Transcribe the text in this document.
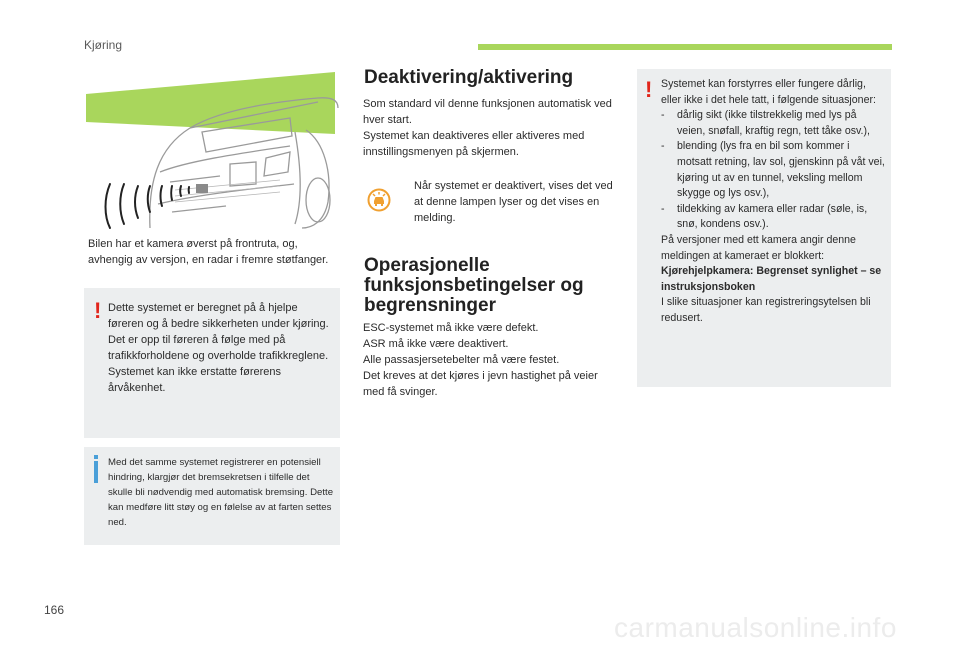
Kjøring

Bilen har et kamera øverst på frontruta, og, avhengig av versjon, en radar i fremre støtfanger.

! Dette systemet er beregnet på å hjelpe føreren og å bedre sikkerheten under kjøring.

Det er opp til føreren å følge med på trafikkforholdene og overholde trafikkreglene.

Systemet kan ikke erstatte førerens årvåkenhet.

Med det samme systemet registrerer en potensiell hindring, klargjør det bremsekretsen i tilfelle det skulle bli nødvendig med automatisk bremsing. Dette kan medføre litt støy og en følelse av at farten settes ned.

Deaktivering/aktivering

Som standard vil denne funksjonen automatisk ved hver start.

Systemet kan deaktiveres eller aktiveres med innstillingsmenyen på skjermen.

Når systemet er deaktivert, vises det ved at denne lampen lyser og det vises en melding.

Operasjonelle funksjonsbetingelser og begrensninger

ESC-systemet må ikke være defekt.

ASR må ikke være deaktivert.

Alle passasjersetebelter må være festet.

Det kreves at det kjøres i jevn hastighet på veier med få svinger.

! Systemet kan forstyrres eller fungere dårlig, eller ikke i det hele tatt, i følgende situasjoner:

- dårlig sikt (ikke tilstrekkelig med lys på veien, snøfall, kraftig regn, tett tåke osv.),
- blending (lys fra en bil som kommer i motsatt retning, lav sol, gjenskinn på våt vei, kjøring ut av en tunnel, veksling mellom skygge og lys osv.),
- tildekking av kamera eller radar (søle, is, snø, kondens osv.).

På versjoner med ett kamera angir denne meldingen at kameraet er blokkert:

Kjørehjelpkamera: Begrenset synlighet – se instruksjonsboken

I slike situasjoner kan registreringsytelsen bli redusert.

166
carmanualsonline.info
